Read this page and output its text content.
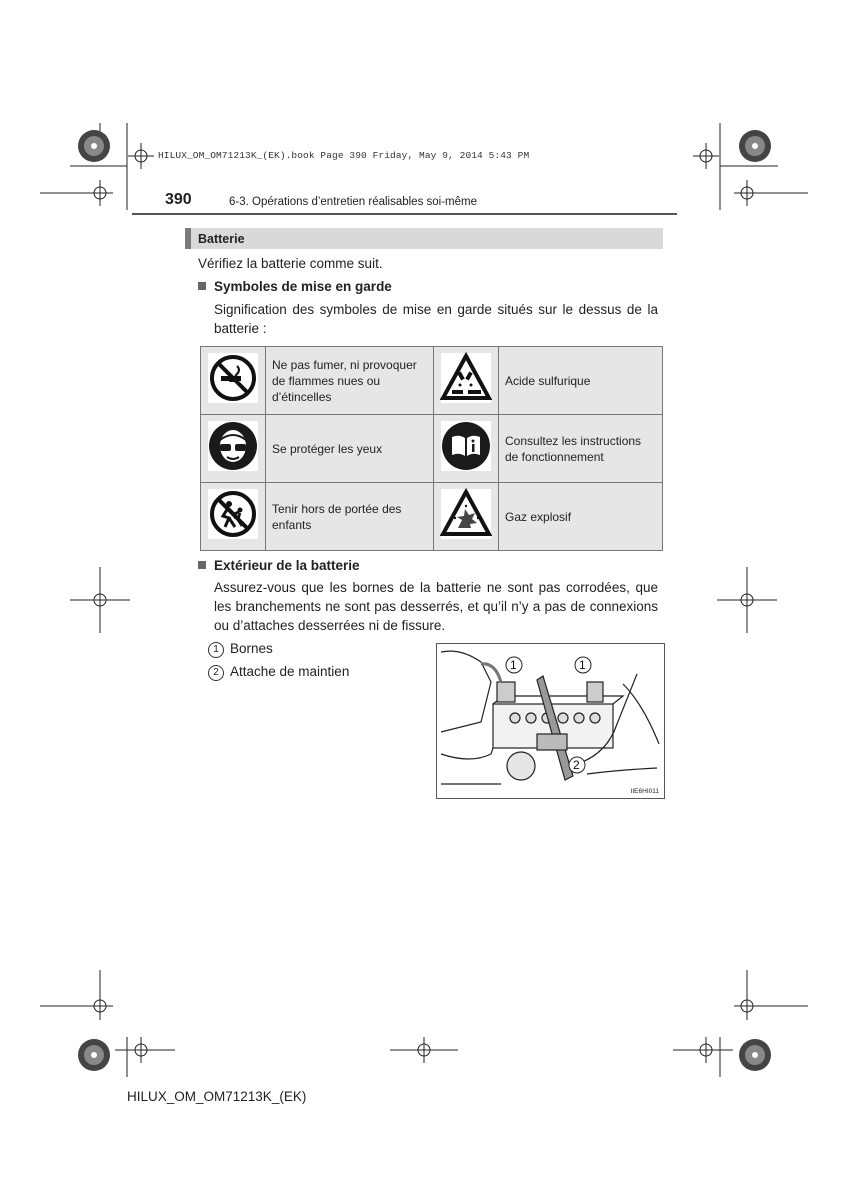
HILUX_OM_OM71213K_(EK).book Page 390 Friday, May 9, 2014 5:43 PM
390	6-3. Opérations d’entretien réalisables soi-même
Batterie
Vérifiez la batterie comme suit.
Symboles de mise en garde
Signification des symboles de mise en garde situés sur le dessus de la batterie :
	Ne pas fumer, ni provoquer de flammes nues ou d’étincelles		Acide sulfurique
	Se protéger les yeux		Consultez les instructions de fonctionnement
	Tenir hors de portée des enfants		Gaz explosif
Extérieur de la batterie
Assurez-vous que les bornes de la batterie ne sont pas corrodées, que les branchements ne sont pas desserrés, et qu’il n’y a pas de connexions ou d’attaches desserrées ni de fissure.
1 Bornes
2 Attache de maintien	1	1
2
IIE6HI011
HILUX_OM_OM71213K_(EK)
